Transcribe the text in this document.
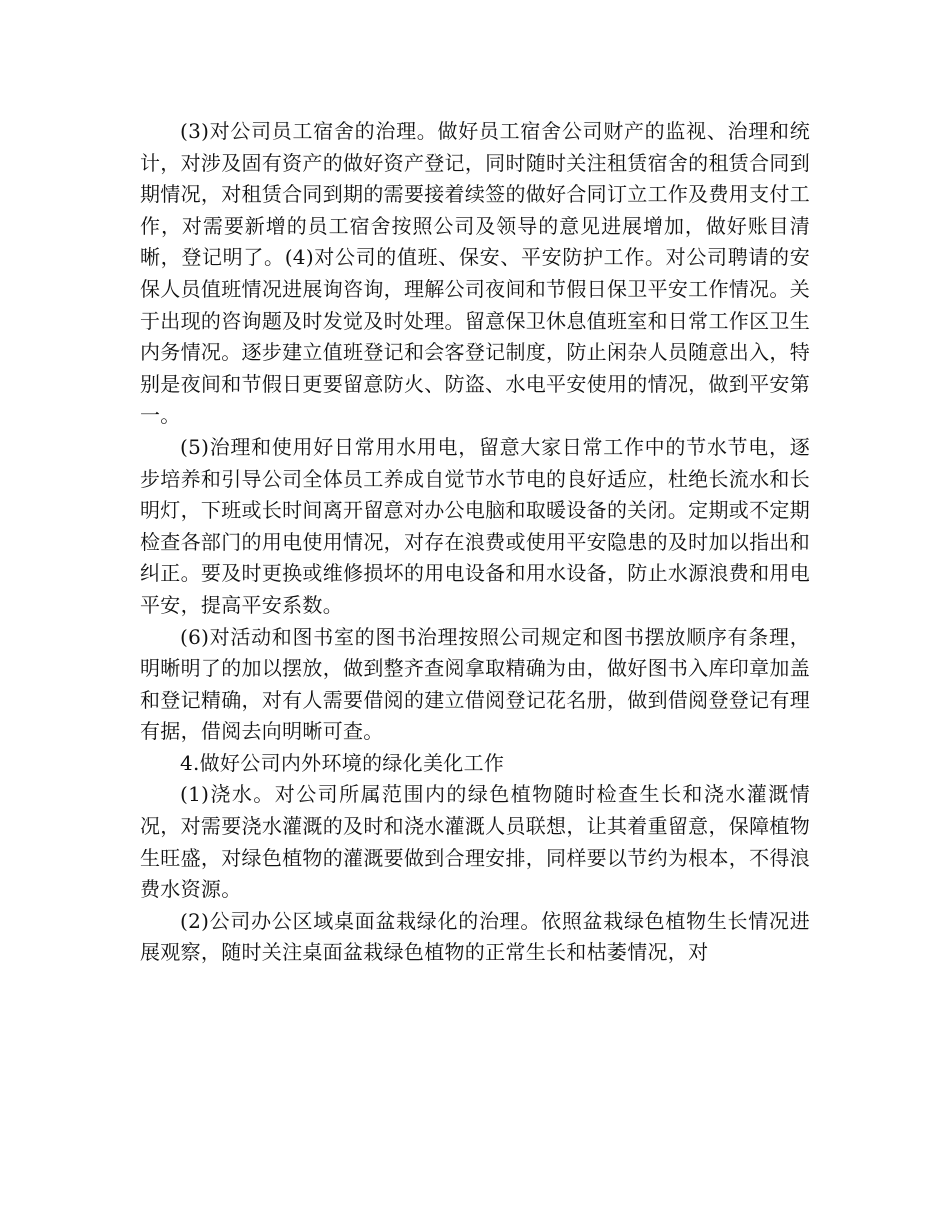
(3)对公司员工宿舍的治理。做好员工宿舍公司财产的监视、治理和统计，对涉及固有资产的做好资产登记，同时随时关注租赁宿舍的租赁合同到期情况，对租赁合同到期的需要接着续签的做好合同订立工作及费用支付工作，对需要新增的员工宿舍按照公司及领导的意见进展增加，做好账目清晰，登记明了。(4)对公司的值班、保安、平安防护工作。对公司聘请的安保人员值班情况进展询咨询，理解公司夜间和节假日保卫平安工作情况。关于出现的咨询题及时发觉及时处理。留意保卫休息值班室和日常工作区卫生内务情况。逐步建立值班登记和会客登记制度，防止闲杂人员随意出入，特别是夜间和节假日更要留意防火、防盗、水电平安使用的情况，做到平安第一。

(5)治理和使用好日常用水用电，留意大家日常工作中的节水节电，逐步培养和引导公司全体员工养成自觉节水节电的良好适应，杜绝长流水和长明灯，下班或长时间离开留意对办公电脑和取暖设备的关闭。定期或不定期检查各部门的用电使用情况，对存在浪费或使用平安隐患的及时加以指出和纠正。要及时更换或维修损坏的用电设备和用水设备，防止水源浪费和用电平安，提高平安系数。

(6)对活动和图书室的图书治理按照公司规定和图书摆放顺序有条理，明晰明了的加以摆放，做到整齐查阅拿取精确为由，做好图书入库印章加盖和登记精确，对有人需要借阅的建立借阅登记花名册，做到借阅登登记有理有据，借阅去向明晰可查。

4.做好公司内外环境的绿化美化工作

(1)浇水。对公司所属范围内的绿色植物随时检查生长和浇水灌溉情况，对需要浇水灌溉的及时和浇水灌溉人员联想，让其着重留意，保障植物生旺盛，对绿色植物的灌溉要做到合理安排，同样要以节约为根本，不得浪费水资源。

(2)公司办公区域桌面盆栽绿化的治理。依照盆栽绿色植物生长情况进展观察，随时关注桌面盆栽绿色植物的正常生长和枯萎情况，对
